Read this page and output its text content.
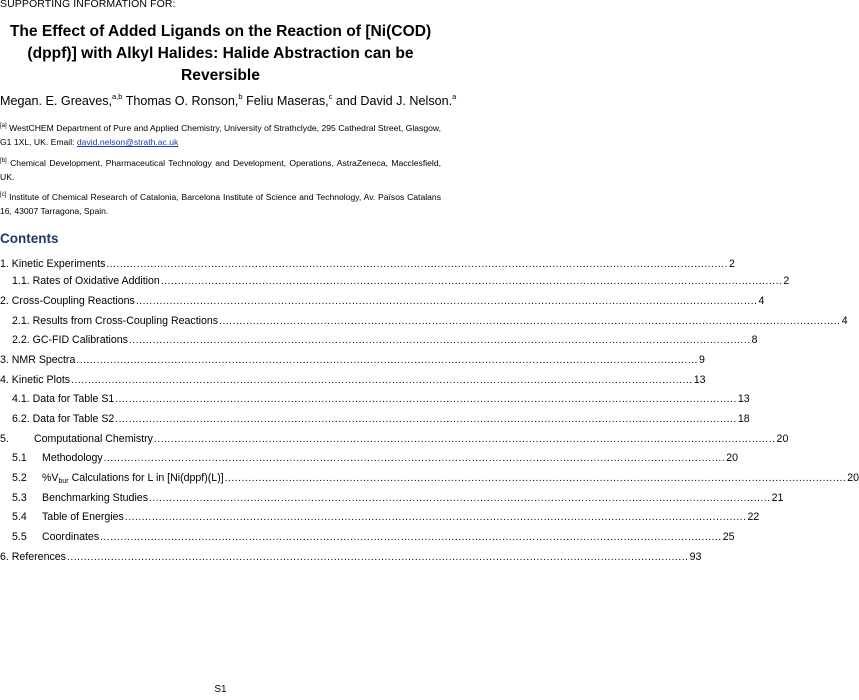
SUPPORTING INFORMATION FOR:
The Effect of Added Ligands on the Reaction of [Ni(COD)(dppf)] with Alkyl Halides: Halide Abstraction can be Reversible
Megan. E. Greaves,$^{a,b}$ Thomas O. Ronson,$^b$ Feliu Maseras,$^c$ and David J. Nelson.$^a$
[a] WestCHEM Department of Pure and Applied Chemistry, University of Strathclyde, 295 Cathedral Street, Glasgow, G1 1XL, UK. Email: david.nelson@strath.ac.uk
[b] Chemical Development, Pharmaceutical Technology and Development, Operations, AstraZeneca, Macclesfield, UK.
[c] Institute of Chemical Research of Catalonia, Barcelona Institute of Science and Technology, Av. Països Catalans 16, 43007 Tarragona, Spain.
Contents
1. Kinetic Experiments .....	2
1.1. Rates of Oxidative Addition .....	2
2. Cross-Coupling Reactions .....	4
2.1. Results from Cross-Coupling Reactions .....	4
2.2. GC-FID Calibrations .....	8
3. NMR Spectra .....	9
4. Kinetic Plots .....	13
4.1. Data for Table S1 .....	13
6.2. Data for Table S2 .....	18
5.	Computational Chemistry .....	20
5.1	Methodology .....	20
5.2	$\%V_{bur}$ Calculations for L in [Ni(dppf)(L)] .....	20
5.3	Benchmarking Studies .....	21
5.4	Table of Energies .....	22
5.5	Coordinates .....	25
6. References .....	93
S1
